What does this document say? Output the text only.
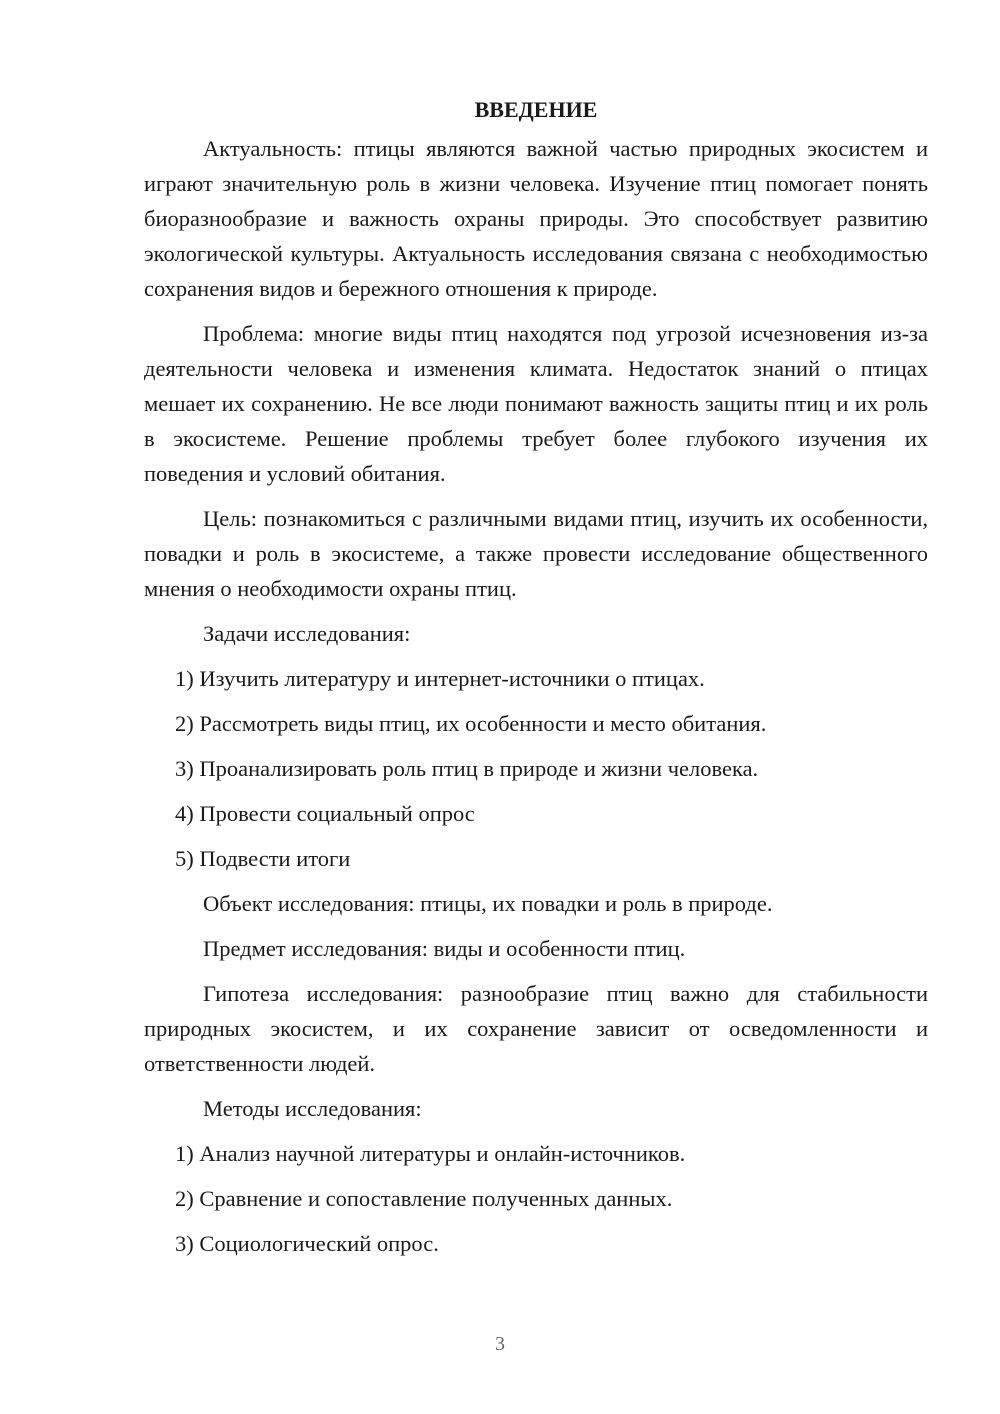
ВВЕДЕНИЕ

Актуальность: птицы являются важной частью природных экосистем и играют значительную роль в жизни человека. Изучение птиц помогает понять биоразнообразие и важность охраны природы. Это способствует развитию экологической культуры. Актуальность исследования связана с необходимостью сохранения видов и бережного отношения к природе.

Проблема: многие виды птиц находятся под угрозой исчезновения из-за деятельности человека и изменения климата. Недостаток знаний о птицах мешает их сохранению. Не все люди понимают важность защиты птиц и их роль в экосистеме. Решение проблемы требует более глубокого изучения их поведения и условий обитания.

Цель: познакомиться с различными видами птиц, изучить их особенности, повадки и роль в экосистеме, а также провести исследование общественного мнения о необходимости охраны птиц.

Задачи исследования:

1) Изучить литературу и интернет-источники о птицах.

2) Рассмотреть виды птиц, их особенности и место обитания.

3) Проанализировать роль птиц в природе и жизни человека.

4) Провести социальный опрос

5) Подвести итоги

Объект исследования: птицы, их повадки и роль в природе.

Предмет исследования: виды и особенности птиц.

Гипотеза исследования: разнообразие птиц важно для стабильности природных экосистем, и их сохранение зависит от осведомленности и ответственности людей.

Методы исследования:

1) Анализ научной литературы и онлайн-источников.

2) Сравнение и сопоставление полученных данных.

3) Социологический опрос.

3
